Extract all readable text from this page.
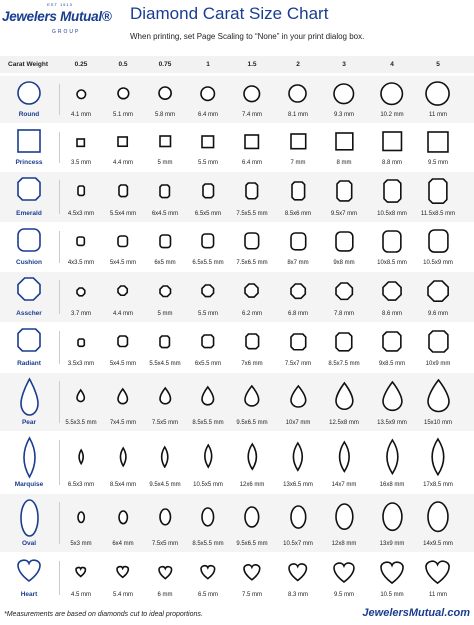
EST 1913
Jewelers Mutual®
GROUP
Diamond Carat Size Chart
When printing, set Page Scaling to “None” in your print dialog box.
Carat Weight	0.25	0.5	0.75	1	1.5	2	3	4	5
Round	4.1 mm	5.1 mm	5.8 mm	6.4 mm	7.4 mm	8.1 mm	9.3 mm	10.2 mm	11 mm
Princess	3.5 mm	4.4 mm	5 mm	5.5 mm	6.4 mm	7 mm	8 mm	8.8 mm	9.5 mm
Emerald	4.5x3 mm	5.5x4 mm	6x4.5 mm	6.5x5 mm	7.5x5.5 mm	8.5x6 mm	9.5x7 mm	10.5x8 mm	11.5x8.5 mm
Cushion	4x3.5 mm	5x4.5 mm	6x5 mm	6.5x5.5 mm	7.5x6.5 mm	8x7 mm	9x8 mm	10x8.5 mm	10.5x9 mm
Asscher	3.7 mm	4.4 mm	5 mm	5.5 mm	6.2 mm	6.8 mm	7.8 mm	8.6 mm	9.6 mm
Radiant	3.5x3 mm	5x4.5 mm	5.5x4.5 mm	6x5.5 mm	7x6 mm	7.5x7 mm	8.5x7.5 mm	9x8.5 mm	10x9 mm
Pear	5.5x3.5 mm	7x4.5 mm	7.5x5 mm	8.5x5.5 mm	9.5x6.5 mm	10x7 mm	12.5x8 mm	13.5x9 mm	15x10 mm
Marquise	6.5x3 mm	8.5x4 mm	9.5x4.5 mm	10.5x5 mm	12x6 mm	13x6.5 mm	14x7 mm	16x8 mm	17x8.5 mm
Oval	5x3 mm	6x4 mm	7.5x5 mm	8.5x5.5 mm	9.5x6.5 mm	10.5x7 mm	12x8 mm	13x9 mm	14x9.5 mm
Heart	4.5 mm	5.4 mm	6 mm	6.5 mm	7.5 mm	8.3 mm	9.5 mm	10.5 mm	11 mm
*Measurements are based on diamonds cut to ideal proportions.	JewelersMutual.com
